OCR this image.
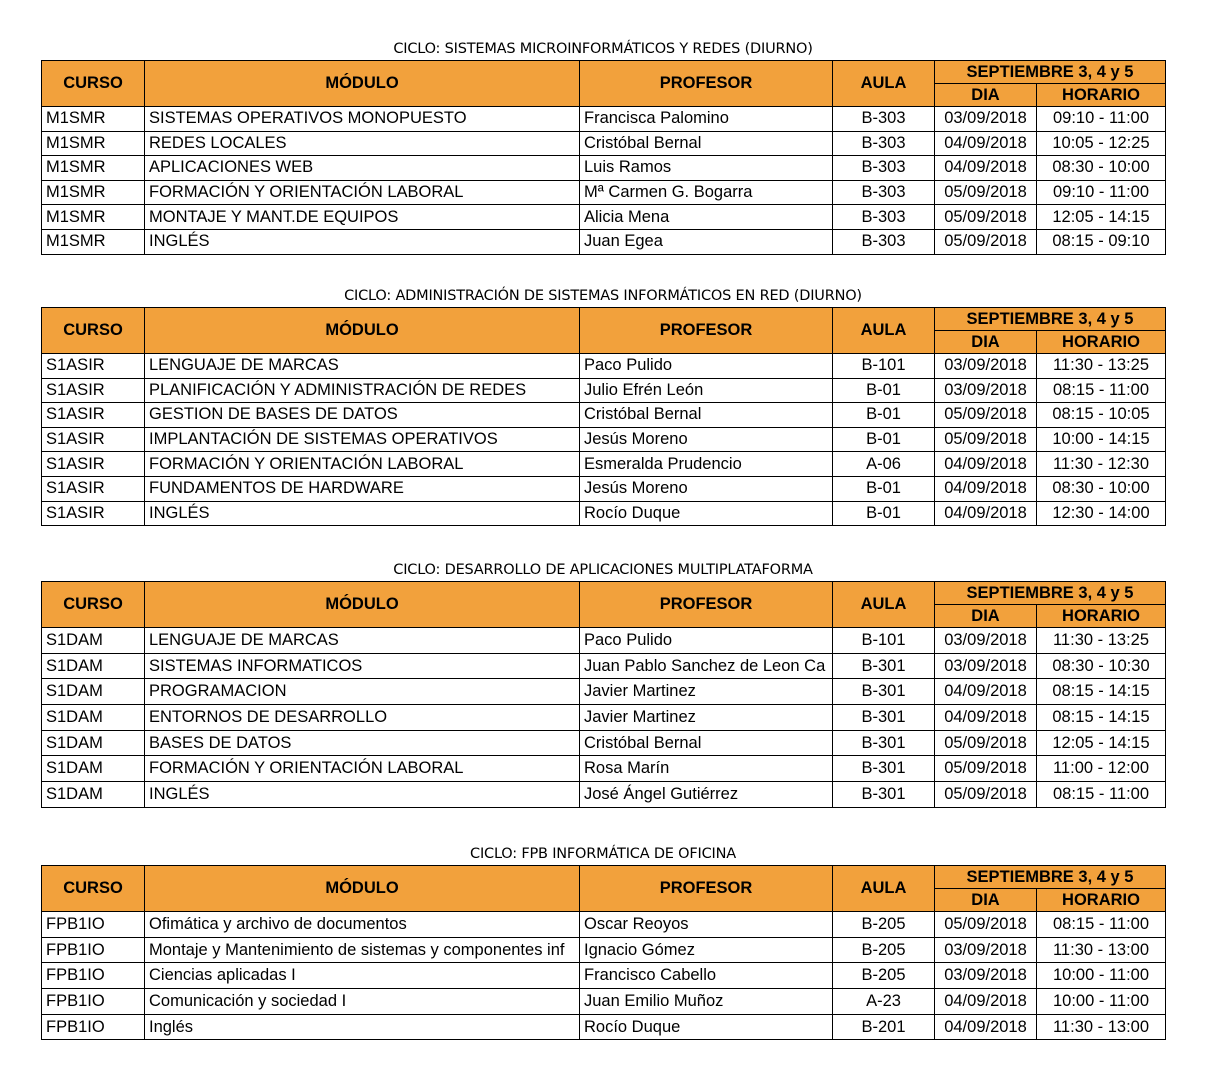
CICLO: SISTEMAS MICROINFORMÁTICOS Y REDES (DIURNO)
CURSO	MÓDULO	PROFESOR	AULA	SEPTIEMBRE 3, 4 y 5	
				DIA	HORARIO
M1SMR	SISTEMAS OPERATIVOS MONOPUESTO	Francisca Palomino	B-303	03/09/2018	09:10 - 11:00
M1SMR	REDES LOCALES	Cristóbal Bernal	B-303	04/09/2018	10:05 - 12:25
M1SMR	APLICACIONES WEB	Luis Ramos	B-303	04/09/2018	08:30 - 10:00
M1SMR	FORMACIÓN Y ORIENTACIÓN LABORAL	Mª Carmen G. Bogarra	B-303	05/09/2018	09:10 - 11:00
M1SMR	MONTAJE Y MANT.DE EQUIPOS	Alicia Mena	B-303	05/09/2018	12:05 - 14:15
M1SMR	INGLÉS	Juan Egea	B-303	05/09/2018	08:15 - 09:10
CICLO: ADMINISTRACIÓN DE SISTEMAS INFORMÁTICOS EN RED (DIURNO)
CURSO	MÓDULO	PROFESOR	AULA	SEPTIEMBRE 3, 4 y 5	
				DIA	HORARIO
S1ASIR	LENGUAJE DE MARCAS	Paco Pulido	B-101	03/09/2018	11:30 - 13:25
S1ASIR	PLANIFICACIÓN Y ADMINISTRACIÓN DE REDES	Julio Efrén León	B-01	03/09/2018	08:15 - 11:00
S1ASIR	GESTION DE BASES DE DATOS	Cristóbal Bernal	B-01	05/09/2018	08:15 - 10:05
S1ASIR	IMPLANTACIÓN DE SISTEMAS OPERATIVOS	Jesús Moreno	B-01	05/09/2018	10:00 - 14:15
S1ASIR	FORMACIÓN Y ORIENTACIÓN LABORAL	Esmeralda Prudencio	A-06	04/09/2018	11:30 - 12:30
S1ASIR	FUNDAMENTOS DE HARDWARE	Jesús Moreno	B-01	04/09/2018	08:30 - 10:00
S1ASIR	INGLÉS	Rocío Duque	B-01	04/09/2018	12:30 - 14:00
CICLO: DESARROLLO DE APLICACIONES MULTIPLATAFORMA
CURSO	MÓDULO	PROFESOR	AULA	SEPTIEMBRE 3, 4 y 5	
				DIA	HORARIO
S1DAM	LENGUAJE DE MARCAS	Paco Pulido	B-101	03/09/2018	11:30 - 13:25
S1DAM	SISTEMAS INFORMATICOS	Juan Pablo Sanchez de Leon Ca	B-301	03/09/2018	08:30 - 10:30
S1DAM	PROGRAMACION	Javier Martinez	B-301	04/09/2018	08:15 - 14:15
S1DAM	ENTORNOS DE DESARROLLO	Javier Martinez	B-301	04/09/2018	08:15 - 14:15
S1DAM	BASES DE DATOS	Cristóbal Bernal	B-301	05/09/2018	12:05 - 14:15
S1DAM	FORMACIÓN Y ORIENTACIÓN LABORAL	Rosa Marín	B-301	05/09/2018	11:00 - 12:00
S1DAM	INGLÉS	José Ángel Gutiérrez	B-301	05/09/2018	08:15 - 11:00
CICLO: FPB INFORMÁTICA DE OFICINA
CURSO	MÓDULO	PROFESOR	AULA	SEPTIEMBRE 3, 4 y 5	
				DIA	HORARIO
FPB1IO	Ofimática y archivo de documentos	Oscar Reoyos	B-205	05/09/2018	08:15 - 11:00
FPB1IO	Montaje y Mantenimiento de sistemas y componentes inf	Ignacio Gómez	B-205	03/09/2018	11:30 - 13:00
FPB1IO	Ciencias aplicadas I	Francisco Cabello	B-205	03/09/2018	10:00 - 11:00
FPB1IO	Comunicación y sociedad I	Juan Emilio Muñoz	A-23	04/09/2018	10:00 - 11:00
FPB1IO	Inglés	Rocío Duque	B-201	04/09/2018	11:30 - 13:00
